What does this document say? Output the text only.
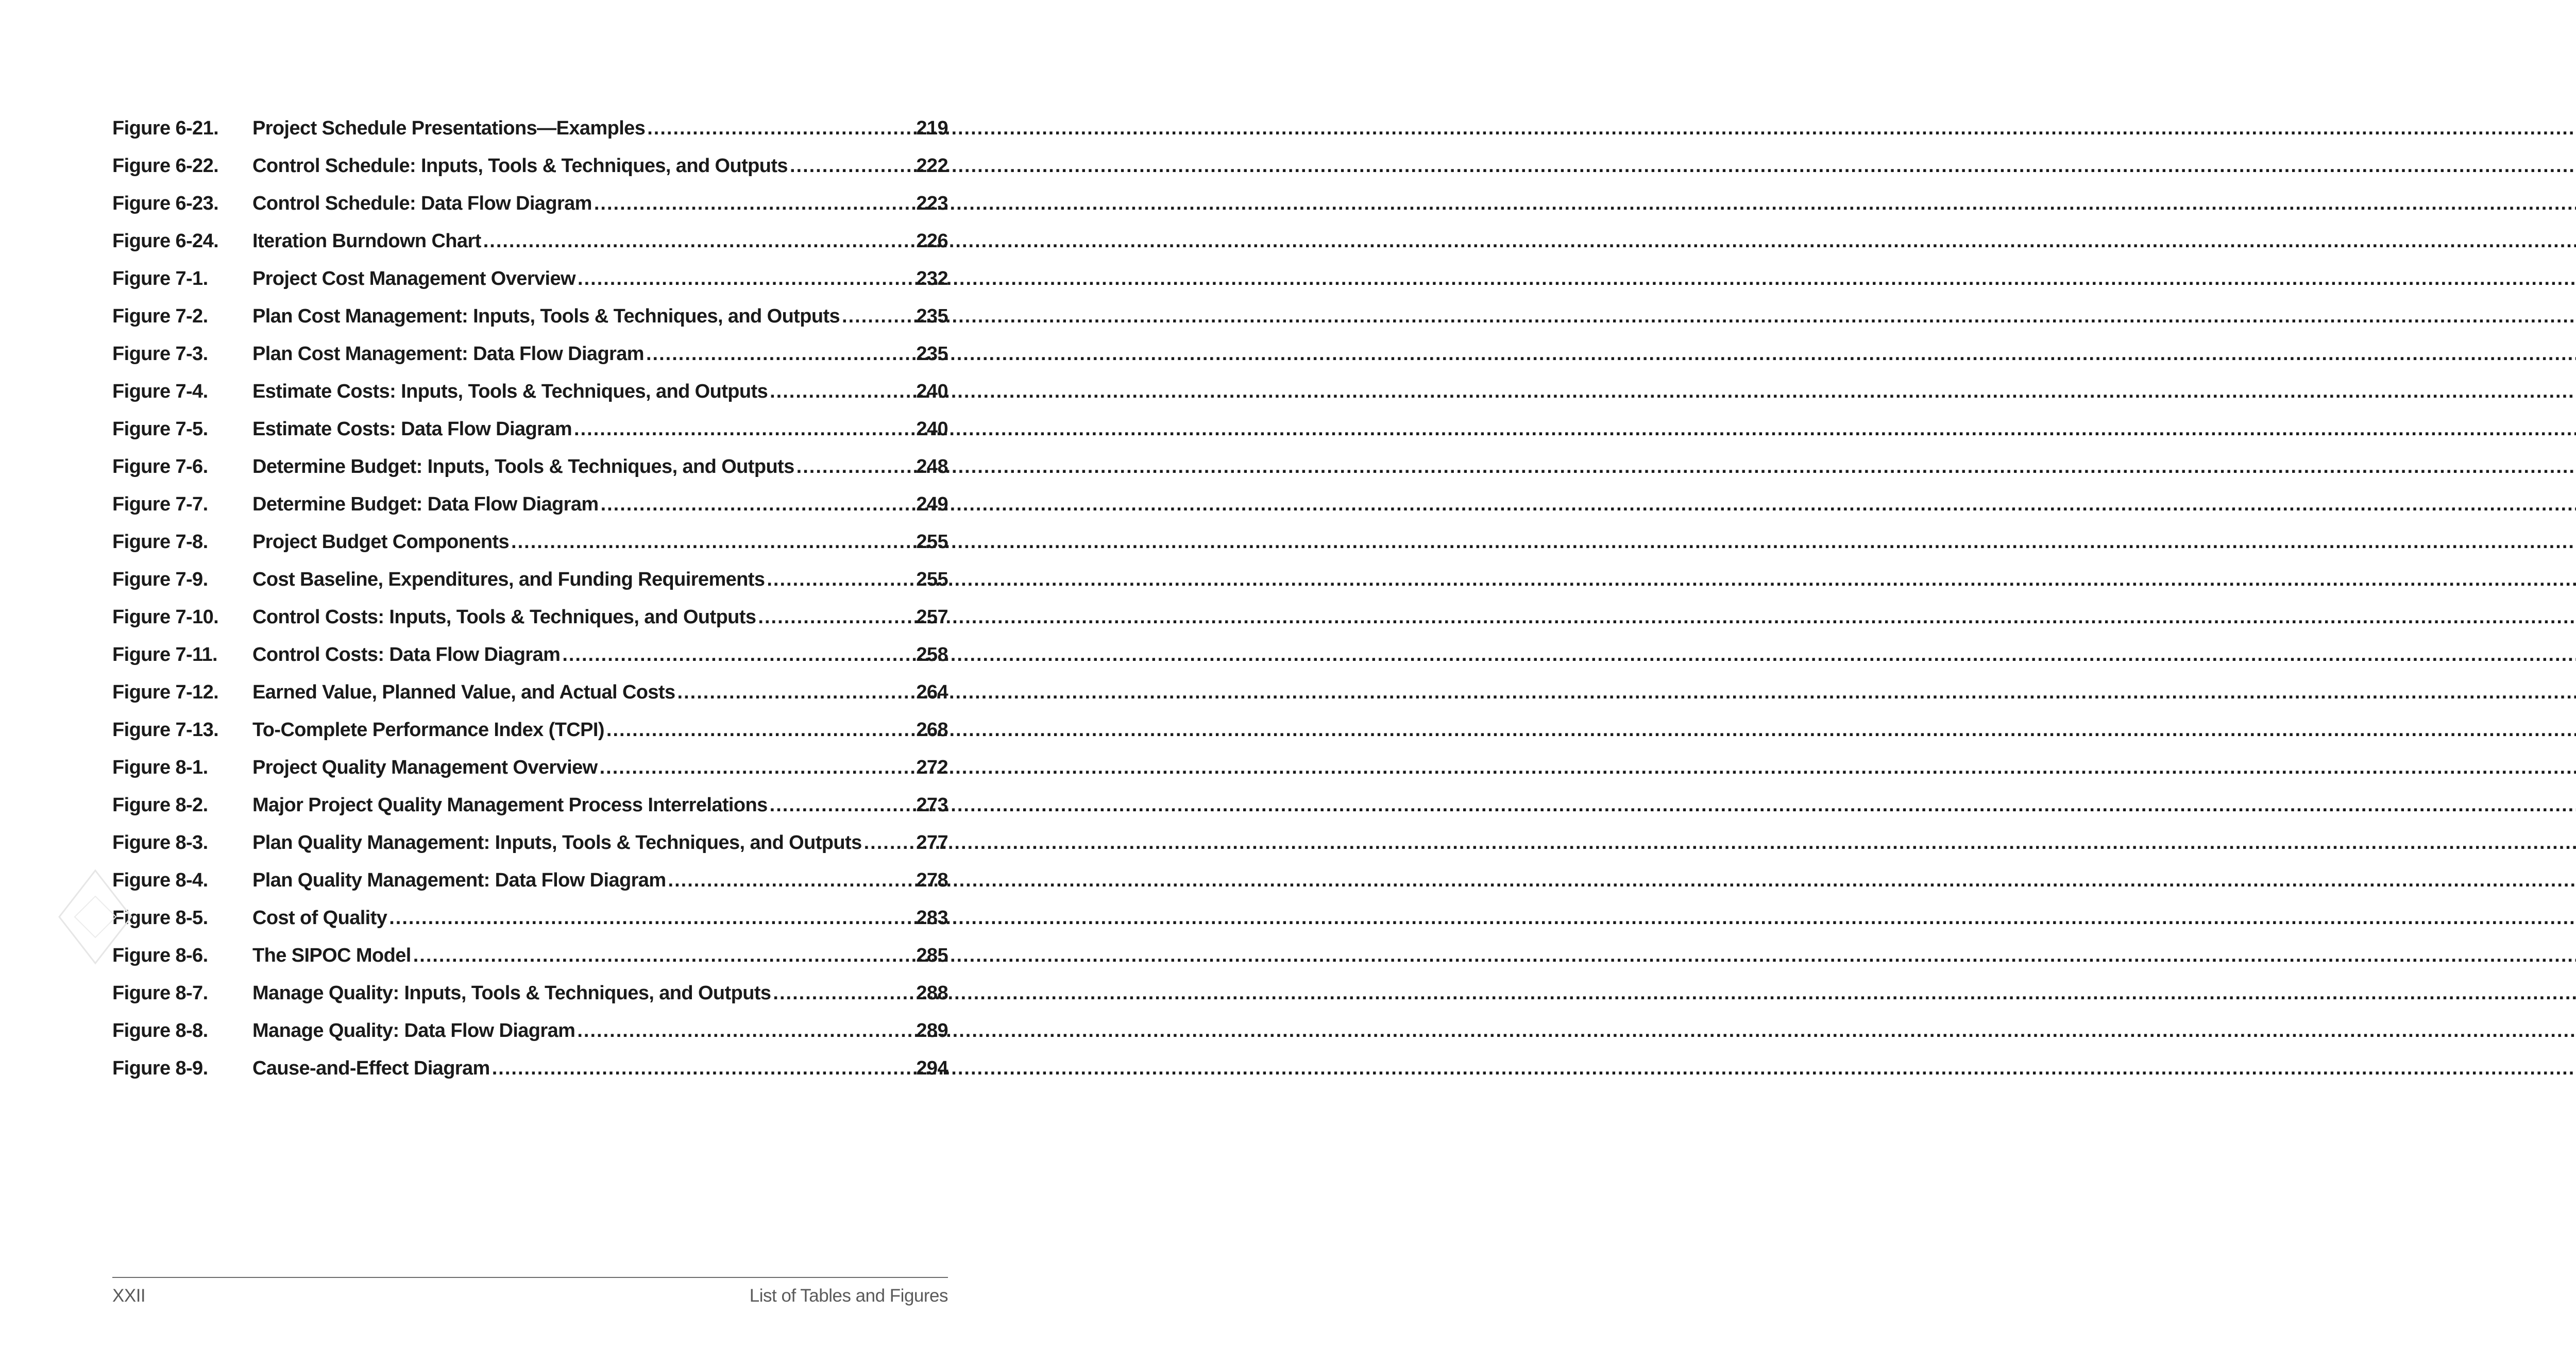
Figure 6-21.	Project Schedule Presentations—Examples .....	219
Figure 6-22.	Control Schedule: Inputs, Tools & Techniques, and Outputs .....	222
Figure 6-23.	Control Schedule: Data Flow Diagram .....	223
Figure 6-24.	Iteration Burndown Chart .....	226
Figure 7-1.	Project Cost Management Overview .....	232
Figure 7-2.	Plan Cost Management: Inputs, Tools & Techniques, and Outputs .....	235
Figure 7-3.	Plan Cost Management: Data Flow Diagram .....	235
Figure 7-4.	Estimate Costs: Inputs, Tools & Techniques, and Outputs .....	240
Figure 7-5.	Estimate Costs: Data Flow Diagram .....	240
Figure 7-6.	Determine Budget: Inputs, Tools & Techniques, and Outputs .....	248
Figure 7-7.	Determine Budget: Data Flow Diagram .....	249
Figure 7-8.	Project Budget Components .....	255
Figure 7-9.	Cost Baseline, Expenditures, and Funding Requirements .....	255
Figure 7-10.	Control Costs: Inputs, Tools & Techniques, and Outputs .....	257
Figure 7-11.	Control Costs: Data Flow Diagram .....	258
Figure 7-12.	Earned Value, Planned Value, and Actual Costs .....	264
Figure 7-13.	To-Complete Performance Index (TCPI) .....	268
Figure 8-1.	Project Quality Management Overview .....	272
Figure 8-2.	Major Project Quality Management Process Interrelations .....	273
Figure 8-3.	Plan Quality Management: Inputs, Tools & Techniques, and Outputs .....	277
Figure 8-4.	Plan Quality Management: Data Flow Diagram .....	278
Figure 8-5.	Cost of Quality .....	283
Figure 8-6.	The SIPOC Model .....	285
Figure 8-7.	Manage Quality: Inputs, Tools & Techniques, and Outputs .....	288
Figure 8-8.	Manage Quality: Data Flow Diagram .....	289
Figure 8-9.	Cause-and-Effect Diagram .....	294
XXII	List of Tables and Figures
